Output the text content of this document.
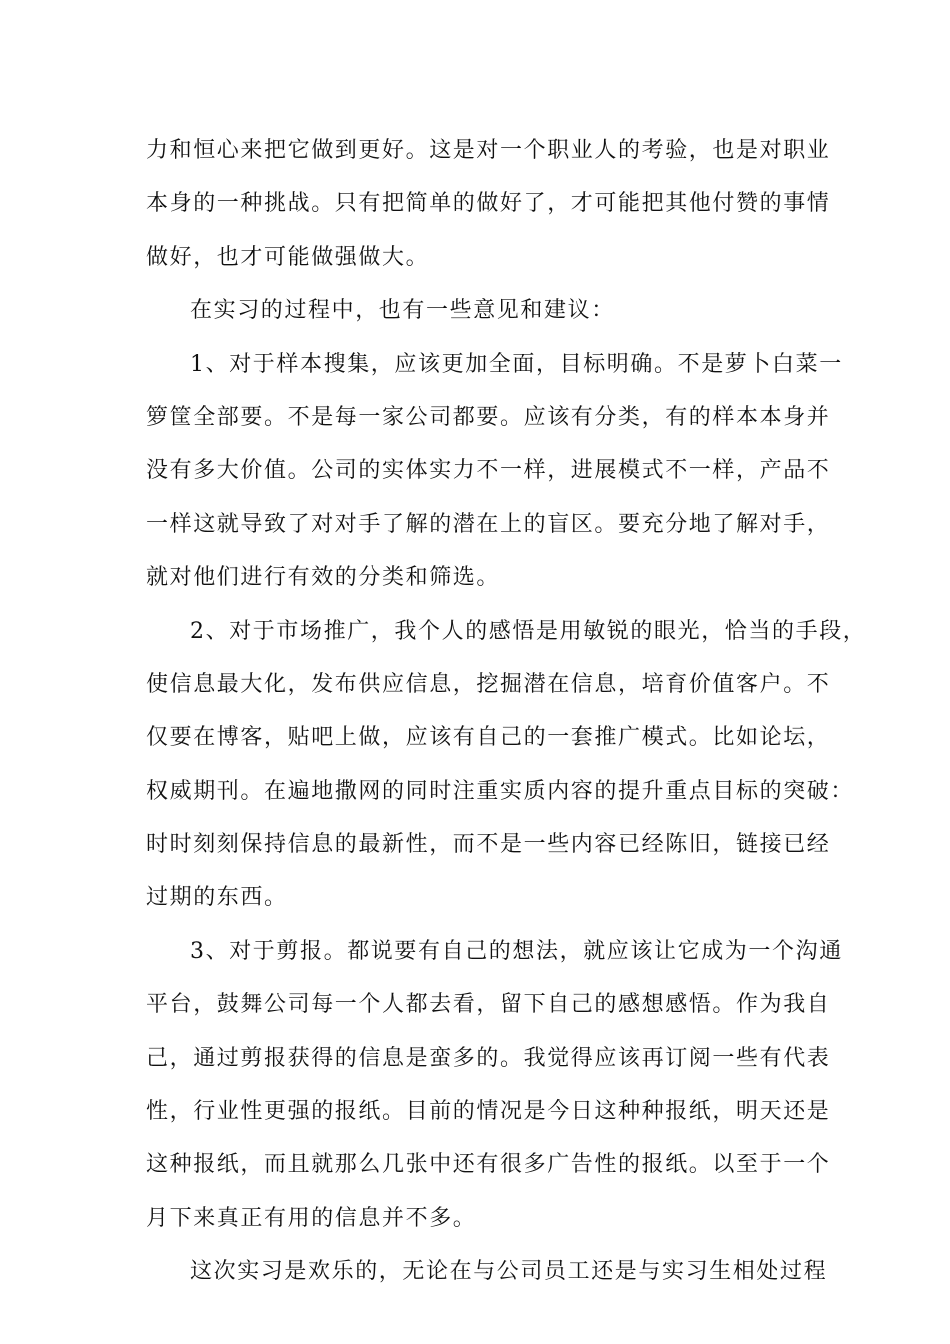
力和恒心来把它做到更好。这是对一个职业人的考验，也是对职业
本身的一种挑战。只有把简单的做好了，才可能把其他付赞的事情
做好，也才可能做强做大。
在实习的过程中，也有一些意见和建议：
1、对于样本搜集，应该更加全面，目标明确。不是萝卜白菜一
箩筐全部要。不是每一家公司都要。应该有分类，有的样本本身并
没有多大价值。公司的实体实力不一样，进展模式不一样，产品不
一样这就导致了对对手了解的潜在上的盲区。要充分地了解对手，
就对他们进行有效的分类和筛选。
2、对于市场推广，我个人的感悟是用敏锐的眼光，恰当的手段，
使信息最大化，发布供应信息，挖掘潜在信息，培育价值客户。不
仅要在博客，贴吧上做，应该有自己的一套推广模式。比如论坛，
权威期刊。在遍地撒网的同时注重实质内容的提升重点目标的突破：
时时刻刻保持信息的最新性，而不是一些内容已经陈旧，链接已经
过期的东西。
3、对于剪报。都说要有自己的想法，就应该让它成为一个沟通
平台，鼓舞公司每一个人都去看，留下自己的感想感悟。作为我自
己，通过剪报获得的信息是蛮多的。我觉得应该再订阅一些有代表
性，行业性更强的报纸。目前的情况是今日这种种报纸，明天还是
这种报纸，而且就那么几张中还有很多广告性的报纸。以至于一个
月下来真正有用的信息并不多。
这次实习是欢乐的，无论在与公司员工还是与实习生相处过程
